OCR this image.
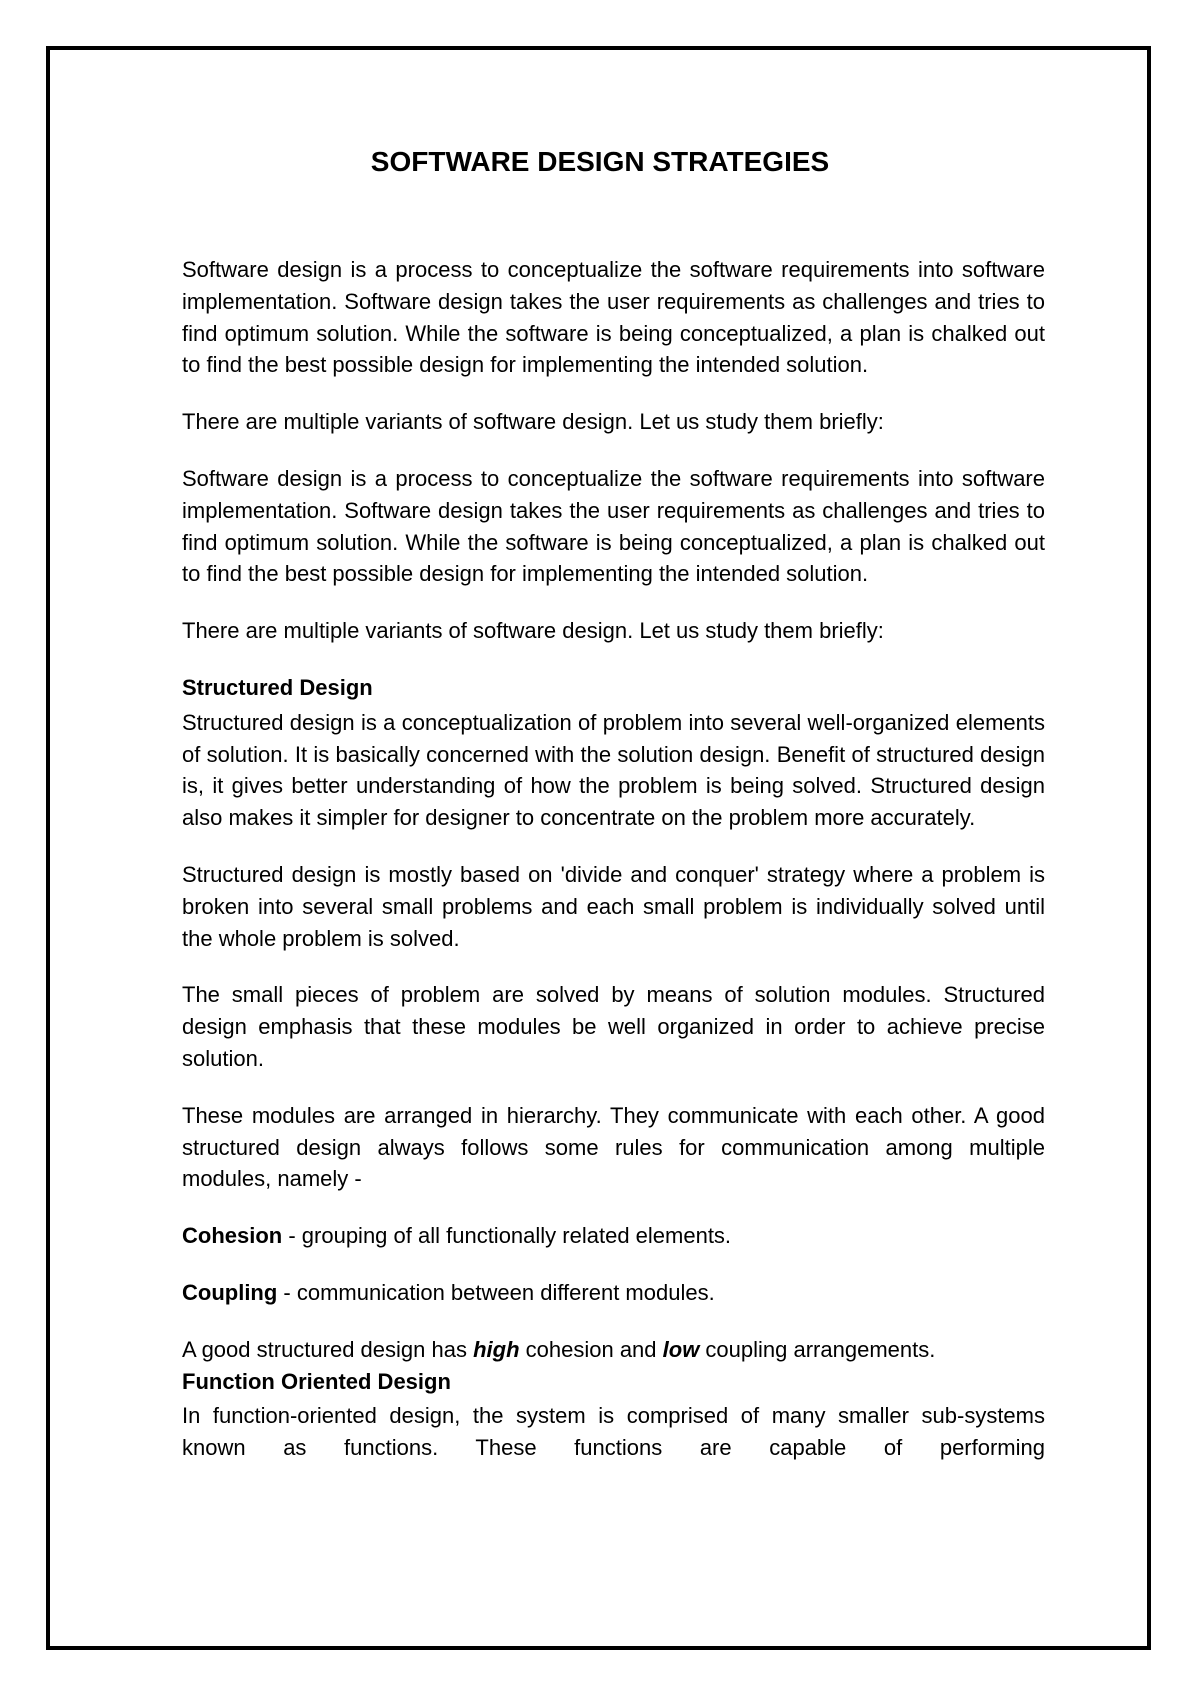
SOFTWARE DESIGN STRATEGIES

Software design is a process to conceptualize the software requirements into software implementation. Software design takes the user requirements as challenges and tries to find optimum solution. While the software is being conceptualized, a plan is chalked out to find the best possible design for implementing the intended solution.

There are multiple variants of software design. Let us study them briefly:

Software design is a process to conceptualize the software requirements into software implementation. Software design takes the user requirements as challenges and tries to find optimum solution. While the software is being conceptualized, a plan is chalked out to find the best possible design for implementing the intended solution.

There are multiple variants of software design. Let us study them briefly:

Structured Design

Structured design is a conceptualization of problem into several well-organized elements of solution. It is basically concerned with the solution design. Benefit of structured design is, it gives better understanding of how the problem is being solved. Structured design also makes it simpler for designer to concentrate on the problem more accurately.

Structured design is mostly based on 'divide and conquer' strategy where a problem is broken into several small problems and each small problem is individually solved until the whole problem is solved.

The small pieces of problem are solved by means of solution modules. Structured design emphasis that these modules be well organized in order to achieve precise solution.

These modules are arranged in hierarchy. They communicate with each other. A good structured design always follows some rules for communication among multiple modules, namely -

Cohesion - grouping of all functionally related elements.

Coupling - communication between different modules.

A good structured design has high cohesion and low coupling arrangements.

Function Oriented Design

In function-oriented design, the system is comprised of many smaller sub-systems known as functions. These functions are capable of performing
